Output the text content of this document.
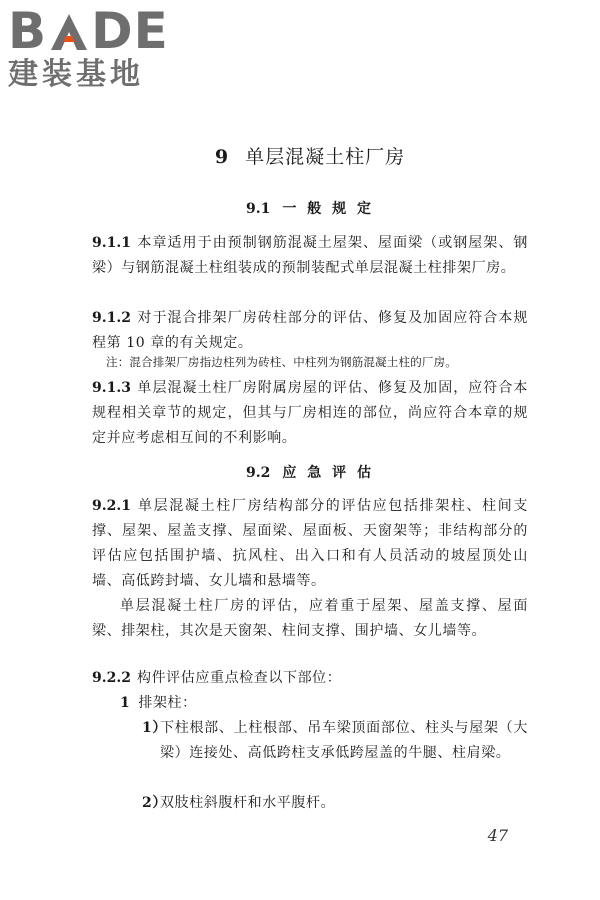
B DE
建装基地
9 单层混凝土柱厂房
9.1 一 般 规 定
9.1.1 本章适用于由预制钢筋混凝土屋架、屋面梁（或钢屋架、钢梁）与钢筋混凝土柱组装成的预制装配式单层混凝土柱排架厂房。
9.1.2 对于混合排架厂房砖柱部分的评估、修复及加固应符合本规程第 10 章的有关规定。
注：混合排架厂房指边柱列为砖柱、中柱列为钢筋混凝土柱的厂房。
9.1.3 单层混凝土柱厂房附属房屋的评估、修复及加固，应符合本规程相关章节的规定，但其与厂房相连的部位，尚应符合本章的规定并应考虑相互间的不利影响。
9.2 应 急 评 估
9.2.1 单层混凝土柱厂房结构部分的评估应包括排架柱、柱间支撑、屋架、屋盖支撑、屋面梁、屋面板、天窗架等；非结构部分的评估应包括围护墙、抗风柱、出入口和有人员活动的坡屋顶处山墙、高低跨封墙、女儿墙和悬墙等。
单层混凝土柱厂房的评估，应着重于屋架、屋盖支撑、屋面梁、排架柱，其次是天窗架、柱间支撑、围护墙、女儿墙等。
9.2.2 构件评估应重点检查以下部位：
1 排架柱：
1）
下柱根部、上柱根部、吊车梁顶面部位、柱头与屋架（大梁）连接处、高低跨柱支承低跨屋盖的牛腿、柱肩梁。
2）
双肢柱斜腹杆和水平腹杆。
47
